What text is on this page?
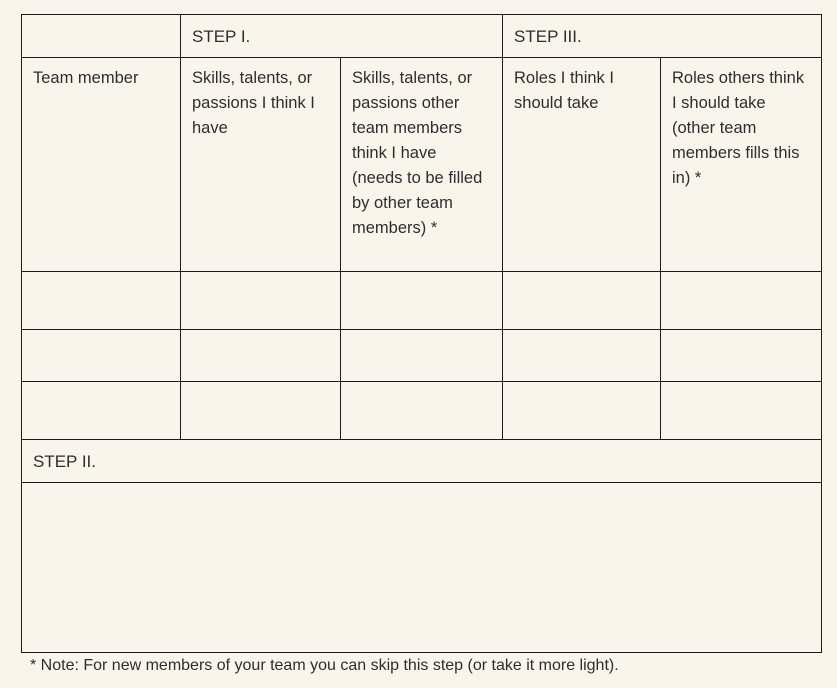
	STEP I.		STEP III.	
Team member	Skills, talents, or passions I think I have	Skills, talents, or passions other team members think I have (needs to be filled by other team members) *	Roles I think I should take	Roles others think I should take (other team members fills this in) *

STEP II.				

* Note: For new members of your team you can skip this step (or take it more light).
